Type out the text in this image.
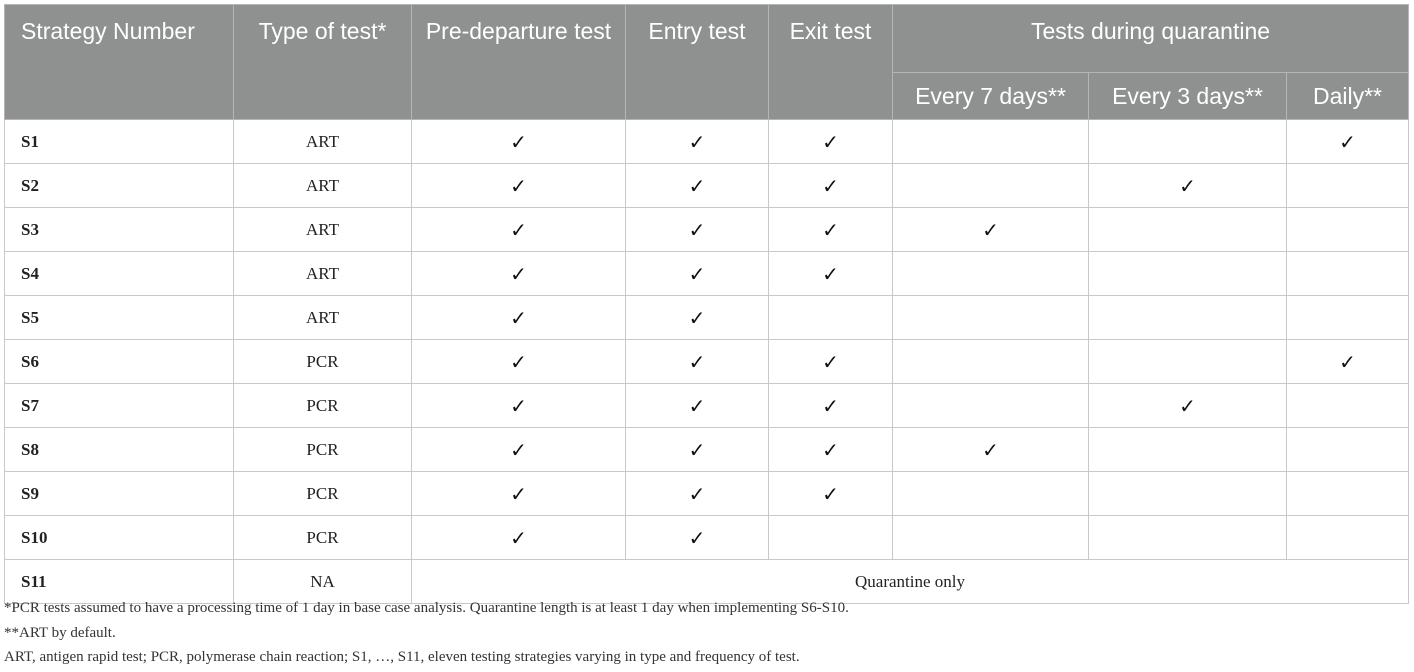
Strategy Number	Type of test*	Pre-departure test	Entry test	Exit test	Tests during quarantine		
					Every 7 days**	Every 3 days**	Daily**
S1	ART	✓	✓	✓			✓
S2	ART	✓	✓	✓		✓	
S3	ART	✓	✓	✓	✓		
S4	ART	✓	✓	✓			
S5	ART	✓	✓				
S6	PCR	✓	✓	✓			✓
S7	PCR	✓	✓	✓		✓	
S8	PCR	✓	✓	✓	✓		
S9	PCR	✓	✓	✓			
S10	PCR	✓	✓				
S11	NA	Quarantine only					

*PCR tests assumed to have a processing time of 1 day in base case analysis. Quarantine length is at least 1 day when implementing S6-S10.

**ART by default.

ART, antigen rapid test; PCR, polymerase chain reaction; S1, …, S11, eleven testing strategies varying in type and frequency of test.
